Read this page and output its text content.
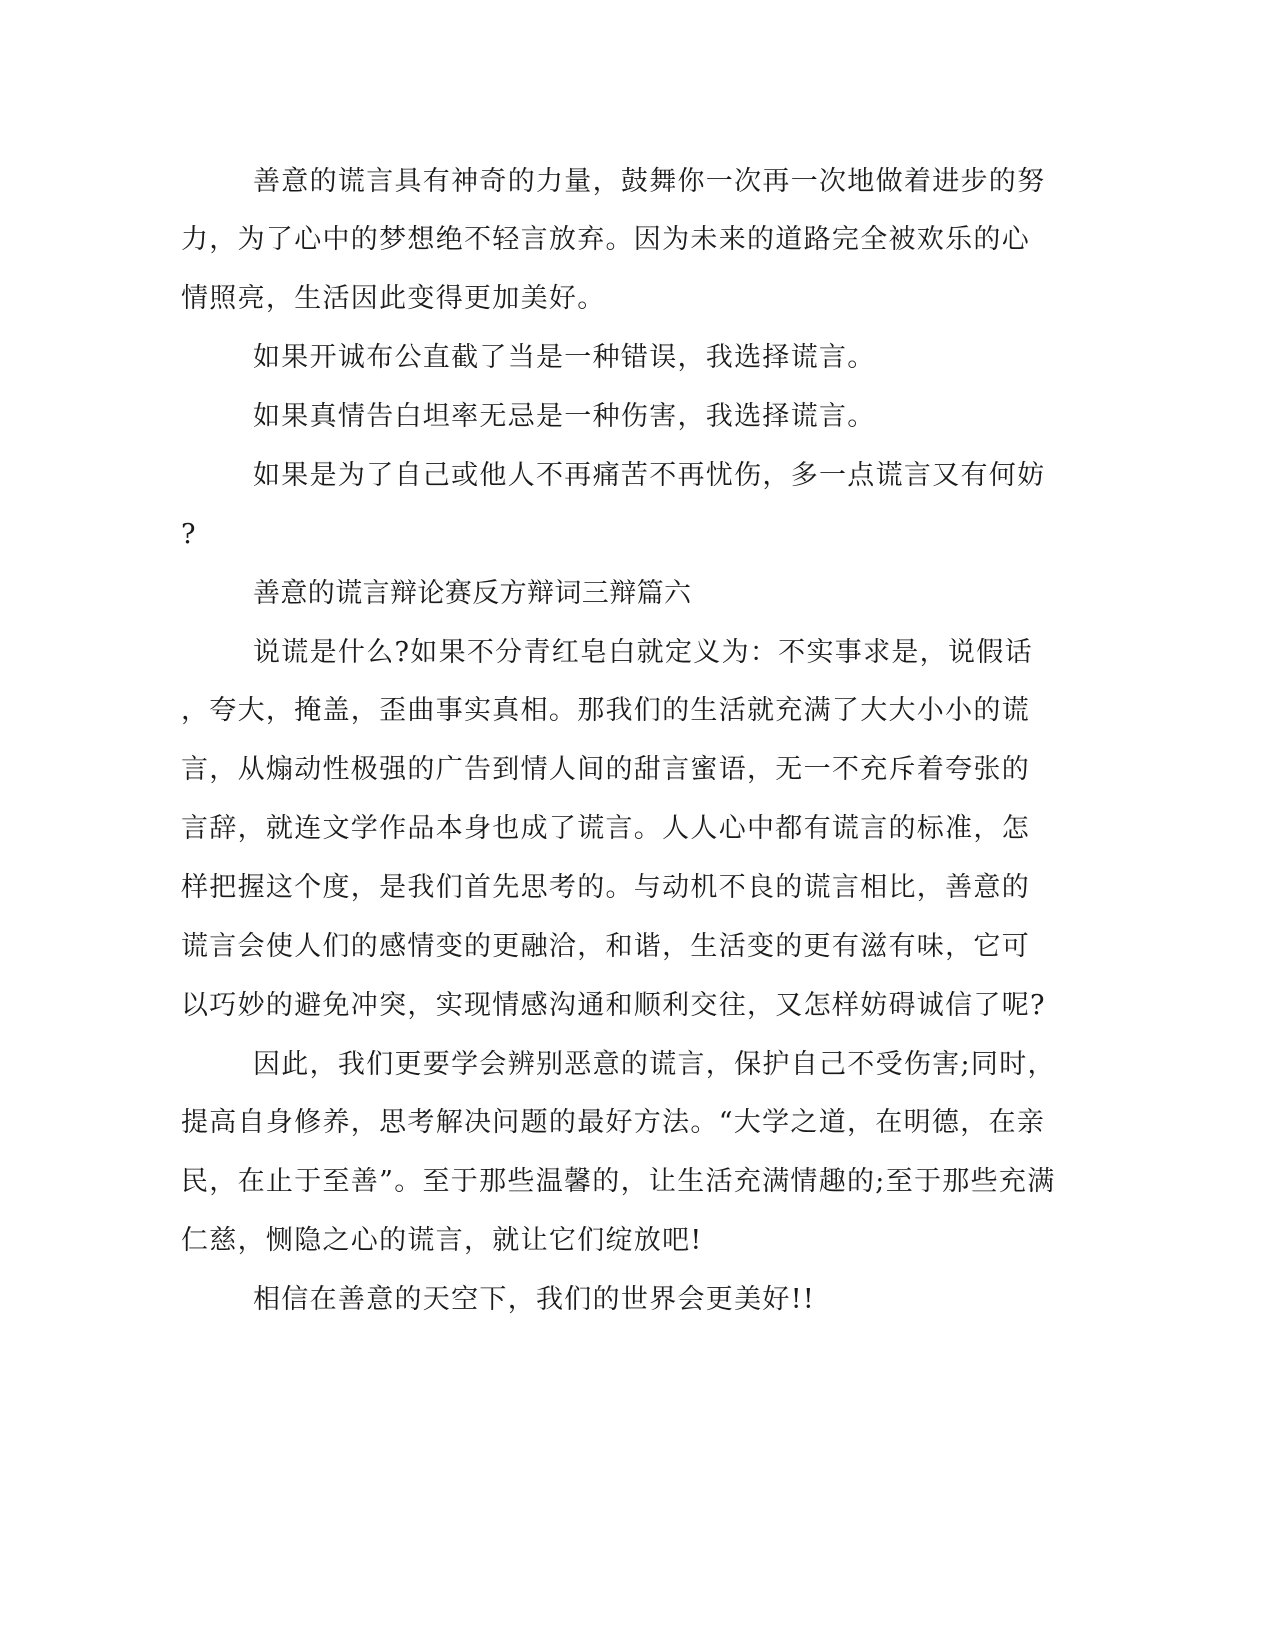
善意的谎言具有神奇的力量，鼓舞你一次再一次地做着进步的努
力，为了心中的梦想绝不轻言放弃。因为未来的道路完全被欢乐的心
情照亮，生活因此变得更加美好。
如果开诚布公直截了当是一种错误，我选择谎言。
如果真情告白坦率无忌是一种伤害，我选择谎言。
如果是为了自己或他人不再痛苦不再忧伤，多一点谎言又有何妨
?
善意的谎言辩论赛反方辩词三辩篇六
说谎是什么?如果不分青红皂白就定义为：不实事求是，说假话
，夸大，掩盖，歪曲事实真相。那我们的生活就充满了大大小小的谎
言，从煽动性极强的广告到情人间的甜言蜜语，无一不充斥着夸张的
言辞，就连文学作品本身也成了谎言。人人心中都有谎言的标准，怎
样把握这个度，是我们首先思考的。与动机不良的谎言相比，善意的
谎言会使人们的感情变的更融洽，和谐，生活变的更有滋有味，它可
以巧妙的避免冲突，实现情感沟通和顺利交往，又怎样妨碍诚信了呢?
因此，我们更要学会辨别恶意的谎言，保护自己不受伤害;同时，
提高自身修养，思考解决问题的最好方法。“大学之道，在明德，在亲
民，在止于至善”。至于那些温馨的，让生活充满情趣的;至于那些充满
仁慈，恻隐之心的谎言，就让它们绽放吧!
相信在善意的天空下，我们的世界会更美好!!
